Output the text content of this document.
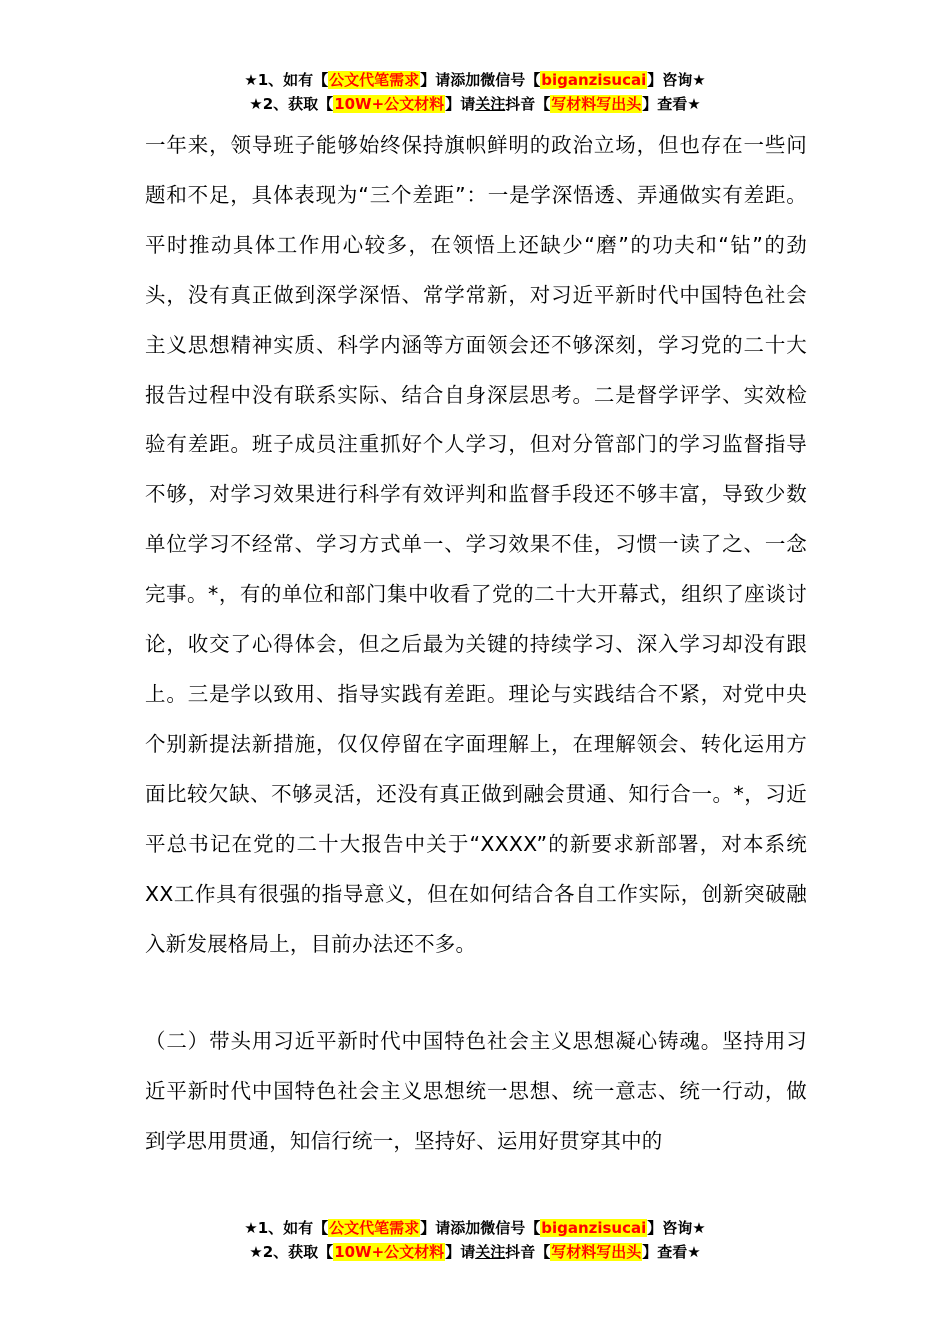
★1、如有【公文代笔需求】请添加微信号【biganzisucai】咨询★
★2、获取【10W+公文材料】请关注抖音【写材料写出头】查看★

一年来，领导班子能够始终保持旗帜鲜明的政治立场，但也存在一些问题和不足，具体表现为“三个差距”：一是学深悟透、弄通做实有差距。平时推动具体工作用心较多，在领悟上还缺少“磨”的功夫和“钻”的劲头，没有真正做到深学深悟、常学常新，对习近平新时代中国特色社会主义思想精神实质、科学内涵等方面领会还不够深刻，学习党的二十大报告过程中没有联系实际、结合自身深层思考。二是督学评学、实效检验有差距。班子成员注重抓好个人学习，但对分管部门的学习监督指导不够，对学习效果进行科学有效评判和监督手段还不够丰富，导致少数单位学习不经常、学习方式单一、学习效果不佳，习惯一读了之、一念完事。*，有的单位和部门集中收看了党的二十大开幕式，组织了座谈讨论，收交了心得体会，但之后最为关键的持续学习、深入学习却没有跟上。三是学以致用、指导实践有差距。理论与实践结合不紧，对党中央个别新提法新措施，仅仅停留在字面理解上，在理解领会、转化运用方面比较欠缺、不够灵活，还没有真正做到融会贯通、知行合一。*，习近平总书记在党的二十大报告中关于“XXXX”的新要求新部署，对本系统XX工作具有很强的指导意义，但在如何结合各自工作实际，创新突破融入新发展格局上，目前办法还不多。

（二）带头用习近平新时代中国特色社会主义思想凝心铸魂。坚持用习近平新时代中国特色社会主义思想统一思想、统一意志、统一行动，做到学思用贯通，知信行统一，坚持好、运用好贯穿其中的

★1、如有【公文代笔需求】请添加微信号【biganzisucai】咨询★
★2、获取【10W+公文材料】请关注抖音【写材料写出头】查看★
